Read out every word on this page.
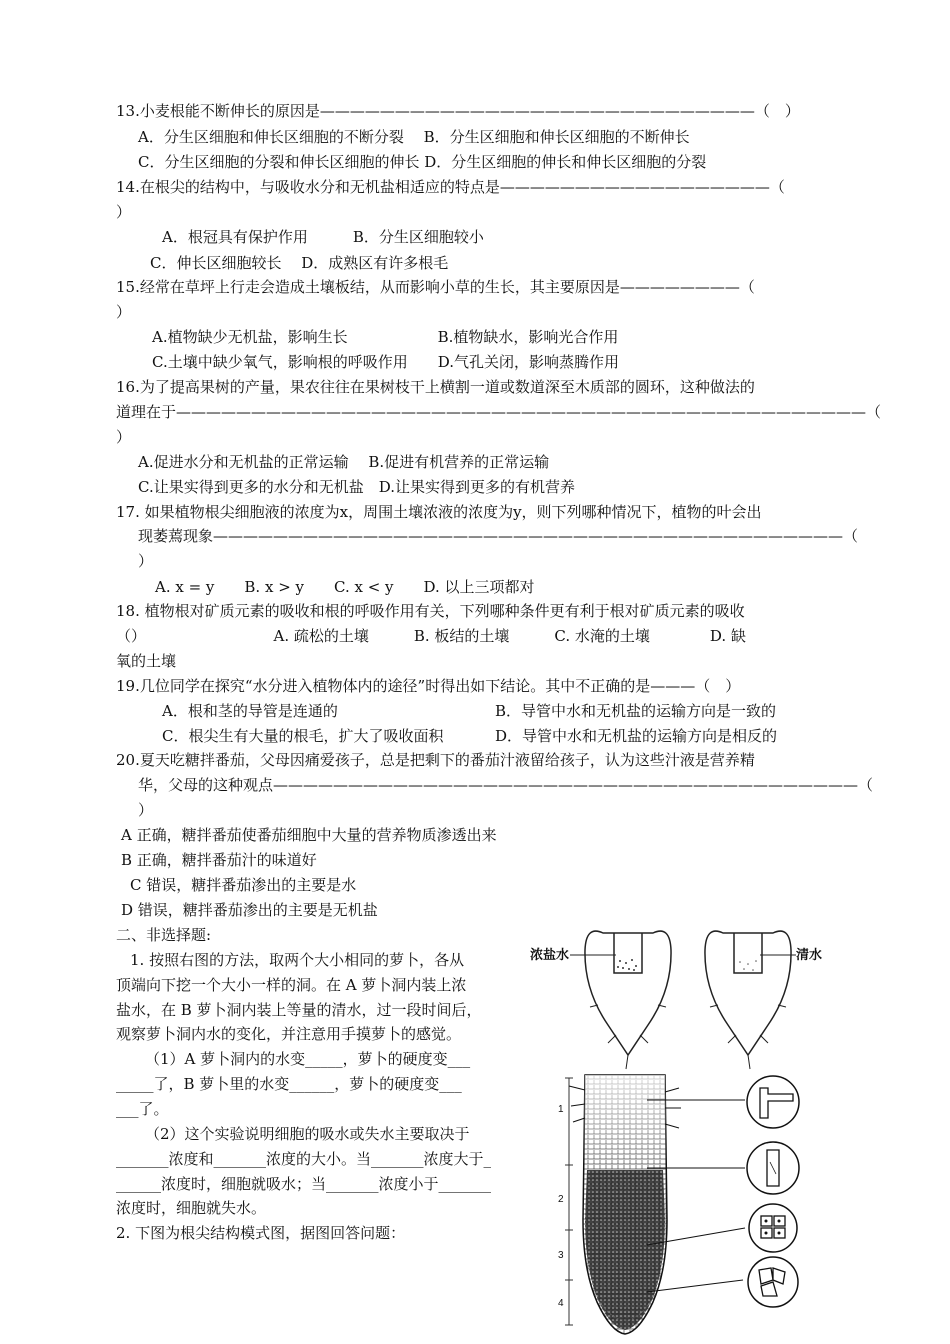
13.小麦根能不断伸长的原因是—————————————————————————————（　）
A．分生区细胞和伸长区细胞的不断分裂　 B．分生区细胞和伸长区细胞的不断伸长
C．分生区细胞的分裂和伸长区细胞的伸长 D．分生区细胞的伸长和伸长区细胞的分裂
14.在根尖的结构中，与吸收水分和无机盐相适应的特点是——————————————————（
）
A．根冠具有保护作用　　　B．分生区细胞较小
C．伸长区细胞较长　 D．成熟区有许多根毛
15.经常在草坪上行走会造成土壤板结，从而影响小草的生长，其主要原因是————————（
）
A.植物缺少无机盐，影响生长　　　　　　B.植物缺水，影响光合作用
C.土壤中缺少氧气，影响根的呼吸作用　　D.气孔关闭，影响蒸腾作用
16.为了提高果树的产量，果农往往在果树枝干上横割一道或数道深至木质部的圆环，这种做法的
道理在于——————————————————————————————————————————————（
）
A.促进水分和无机盐的正常运输　 B.促进有机营养的正常运输
C.让果实得到更多的水分和无机盐　D.让果实得到更多的有机营养
17. 如果植物根尖细胞液的浓度为x，周围土壤浓液的浓度为y，则下列哪种情况下，植物的叶会出
现萎蔫现象——————————————————————————————————————————（
）
A. x = y　　B. x > y　　C. x < y　　D. 以上三项都对
18. 植物根对矿质元素的吸收和根的呼吸作用有关，下列哪种条件更有利于根对矿质元素的吸收
（）　　　　　　　　　A. 疏松的土壤　　　B. 板结的土壤　　　C. 水淹的土壤　　　　D. 缺
氧的土壤
19.几位同学在探究“水分进入植物体内的途径”时得出如下结论。其中不正确的是———（　）
A．根和茎的导管是连通的	B．导管中水和无机盐的运输方向是一致的
C．根尖生有大量的根毛，扩大了吸收面积	D．导管中水和无机盐的运输方向是相反的
20.夏天吃糖拌番茄，父母因痛爱孩子，总是把剩下的番茄汁液留给孩子，认为这些汁液是营养精
华，父母的这种观点———————————————————————————————————————（
）
A 正确，糖拌番茄使番茄细胞中大量的营养物质渗透出来
B 正确，糖拌番茄汁的味道好
C 错误，糖拌番茄渗出的主要是水
D 错误，糖拌番茄渗出的主要是无机盐
二、非选择题:
1. 按照右图的方法，取两个大小相同的萝卜，各从
顶端向下挖一个大小一样的洞。在 A 萝卜洞内装上浓
盐水，在 B 萝卜洞内装上等量的清水，过一段时间后，
观察萝卜洞内水的变化，并注意用手摸萝卜的感觉。
（1）A 萝卜洞内的水变_____，萝卜的硬度变___
_____了，B 萝卜里的水变______，萝卜的硬度变___
___了。
（2）这个实验说明细胞的吸水或失水主要取决于
_______浓度和_______浓度的大小。当_______浓度大于_
______浓度时，细胞就吸水；当_______浓度小于_______
浓度时，细胞就失水。
2. 下图为根尖结构模式图，据图回答问题：
浓盐水	清水
1
2
3
4
